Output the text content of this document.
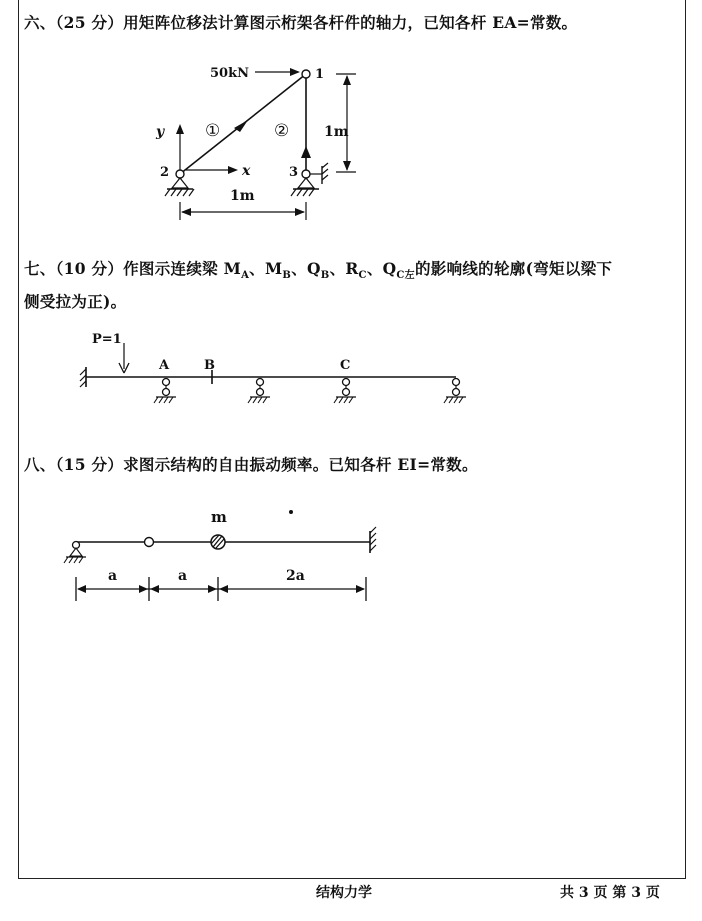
六、（25 分）用矩阵位移法计算图示桁架各杆件的轴力，已知各杆 EA=常数。
50kN	1
2	3
y
x
①	② 1m
1m
七、（10 分）作图示连续梁 $M_A$、$M_B$、$Q_B$、$R_C$、$Q_{C左}$的影响线的轮廓(弯矩以梁下
侧受拉为正)。
P=1
A	B	C
八、（15 分）求图示结构的自由振动频率。已知各杆 EI=常数。
m
a	a	2a
结构力学	共 3 页 第 3 页
